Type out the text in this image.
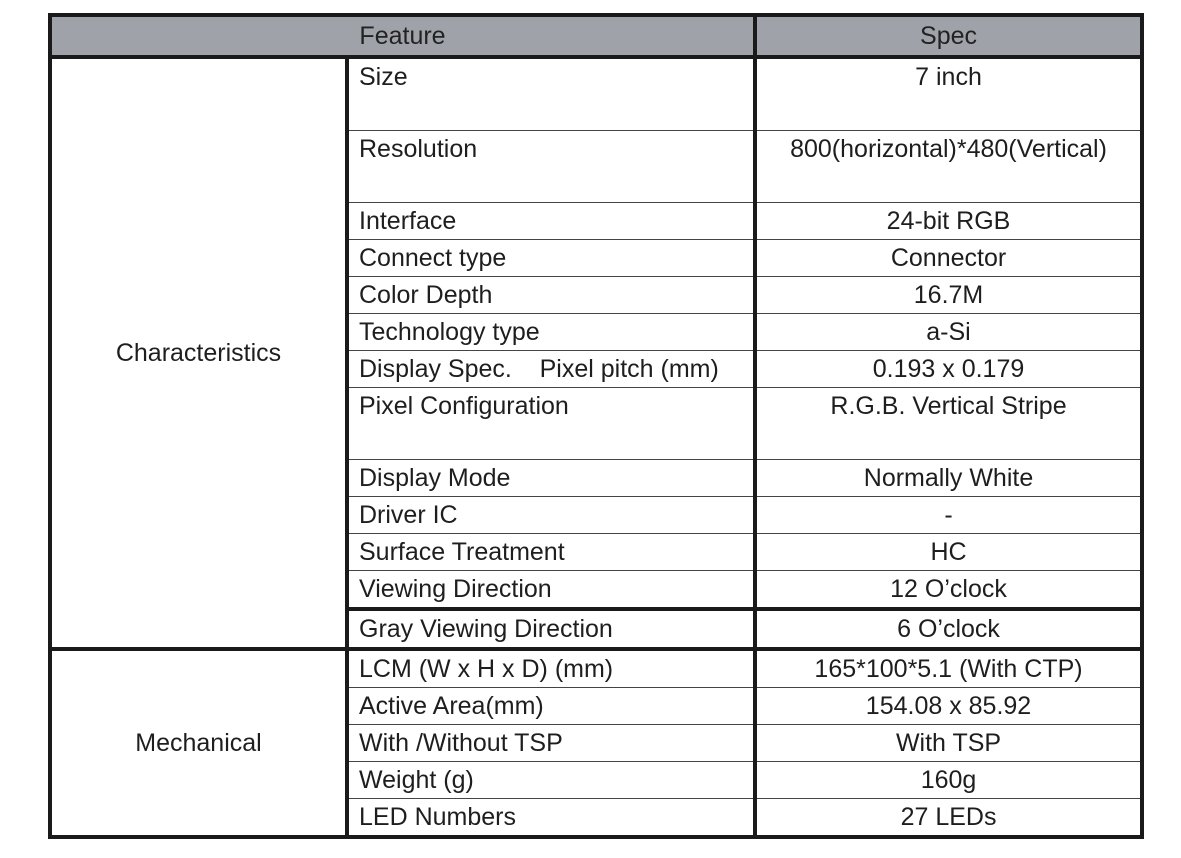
Feature		Spec
Characteristics	Size	7 inch
	Resolution	800(horizontal)*480(Vertical)
	Interface	24-bit RGB
	Connect type	Connector
	Color Depth	16.7M
	Technology type	a-Si
	Display Spec.    Pixel pitch (mm)	0.193 x 0.179
	Pixel Configuration	R.G.B. Vertical Stripe
	Display Mode	Normally White
	Driver IC	-
	Surface Treatment	HC
	Viewing Direction	12 O’clock
	Gray Viewing Direction	6 O’clock
Mechanical	LCM (W x H x D) (mm)	165*100*5.1 (With CTP)
	Active Area(mm)	154.08 x 85.92
	With /Without TSP	With TSP
	Weight (g)	160g
	LED Numbers	27 LEDs
